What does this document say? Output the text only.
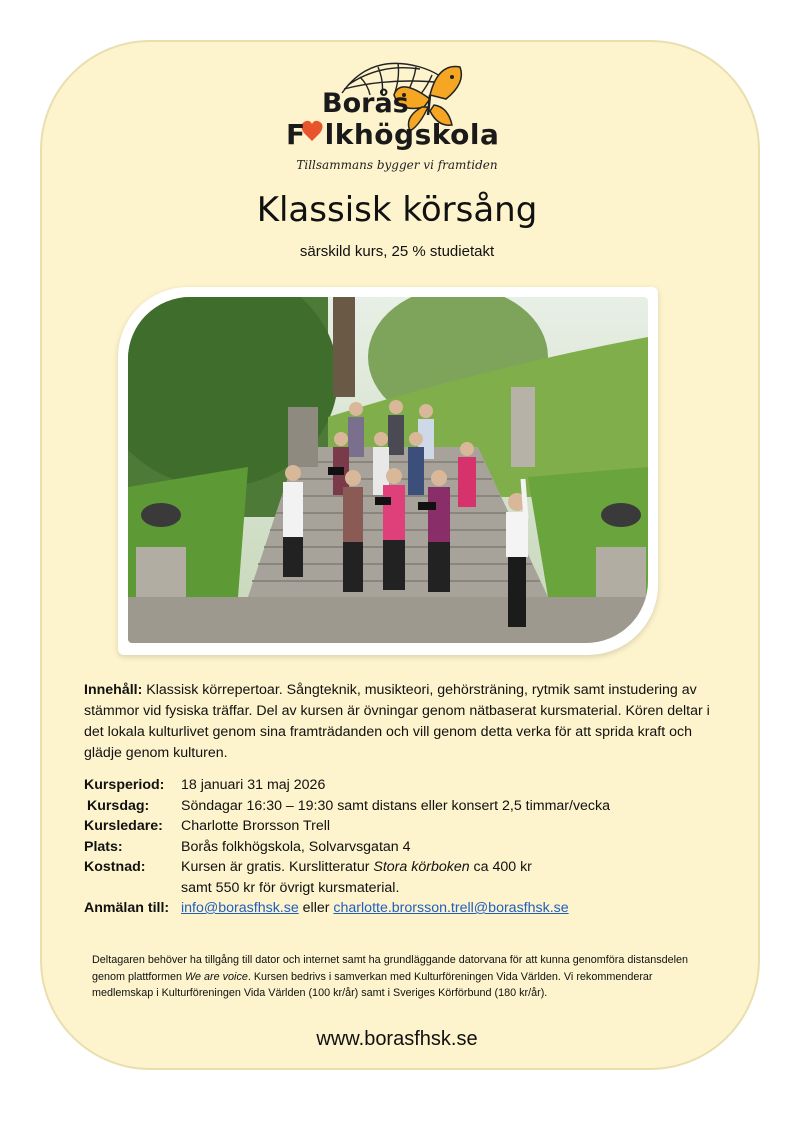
Borås
F lkhögskola
Tillsammans bygger vi framtiden
Klassisk körsång
särskild kurs, 25 % studietakt
Innehåll: Klassisk körrepertoar. Sångteknik, musikteori, gehörsträning, rytmik samt instudering av stämmor vid fysiska träffar. Del av kursen är övningar genom nätbaserat kursmaterial. Kören deltar i det lokala kulturlivet genom sina framträdanden och vill genom detta verka för att sprida kraft och glädje genom kulturen.
Kursperiod:	18 januari 31 maj 2026
Kursdag:	Söndagar 16:30 – 19:30 samt distans eller konsert 2,5 timmar/vecka
Kursledare:	Charlotte Brorsson Trell
Plats:	Borås folkhögskola, Solvarvsgatan 4
Kostnad:	Kursen är gratis. Kurslitteratur Stora körboken ca 400 kr
samt 550 kr för övrigt kursmaterial.
Anmälan till: info@borasfhsk.se eller charlotte.brorsson.trell@borasfhsk.se
Deltagaren behöver ha tillgång till dator och internet samt ha grundläggande datorvana för att kunna genomföra distansdelen genom plattformen We are voice. Kursen bedrivs i samverkan med Kulturföreningen Vida Världen. Vi rekommenderar medlemskap i Kulturföreningen Vida Världen (100 kr/år) samt i Sveriges Körförbund (180 kr/år).
www.borasfhsk.se
